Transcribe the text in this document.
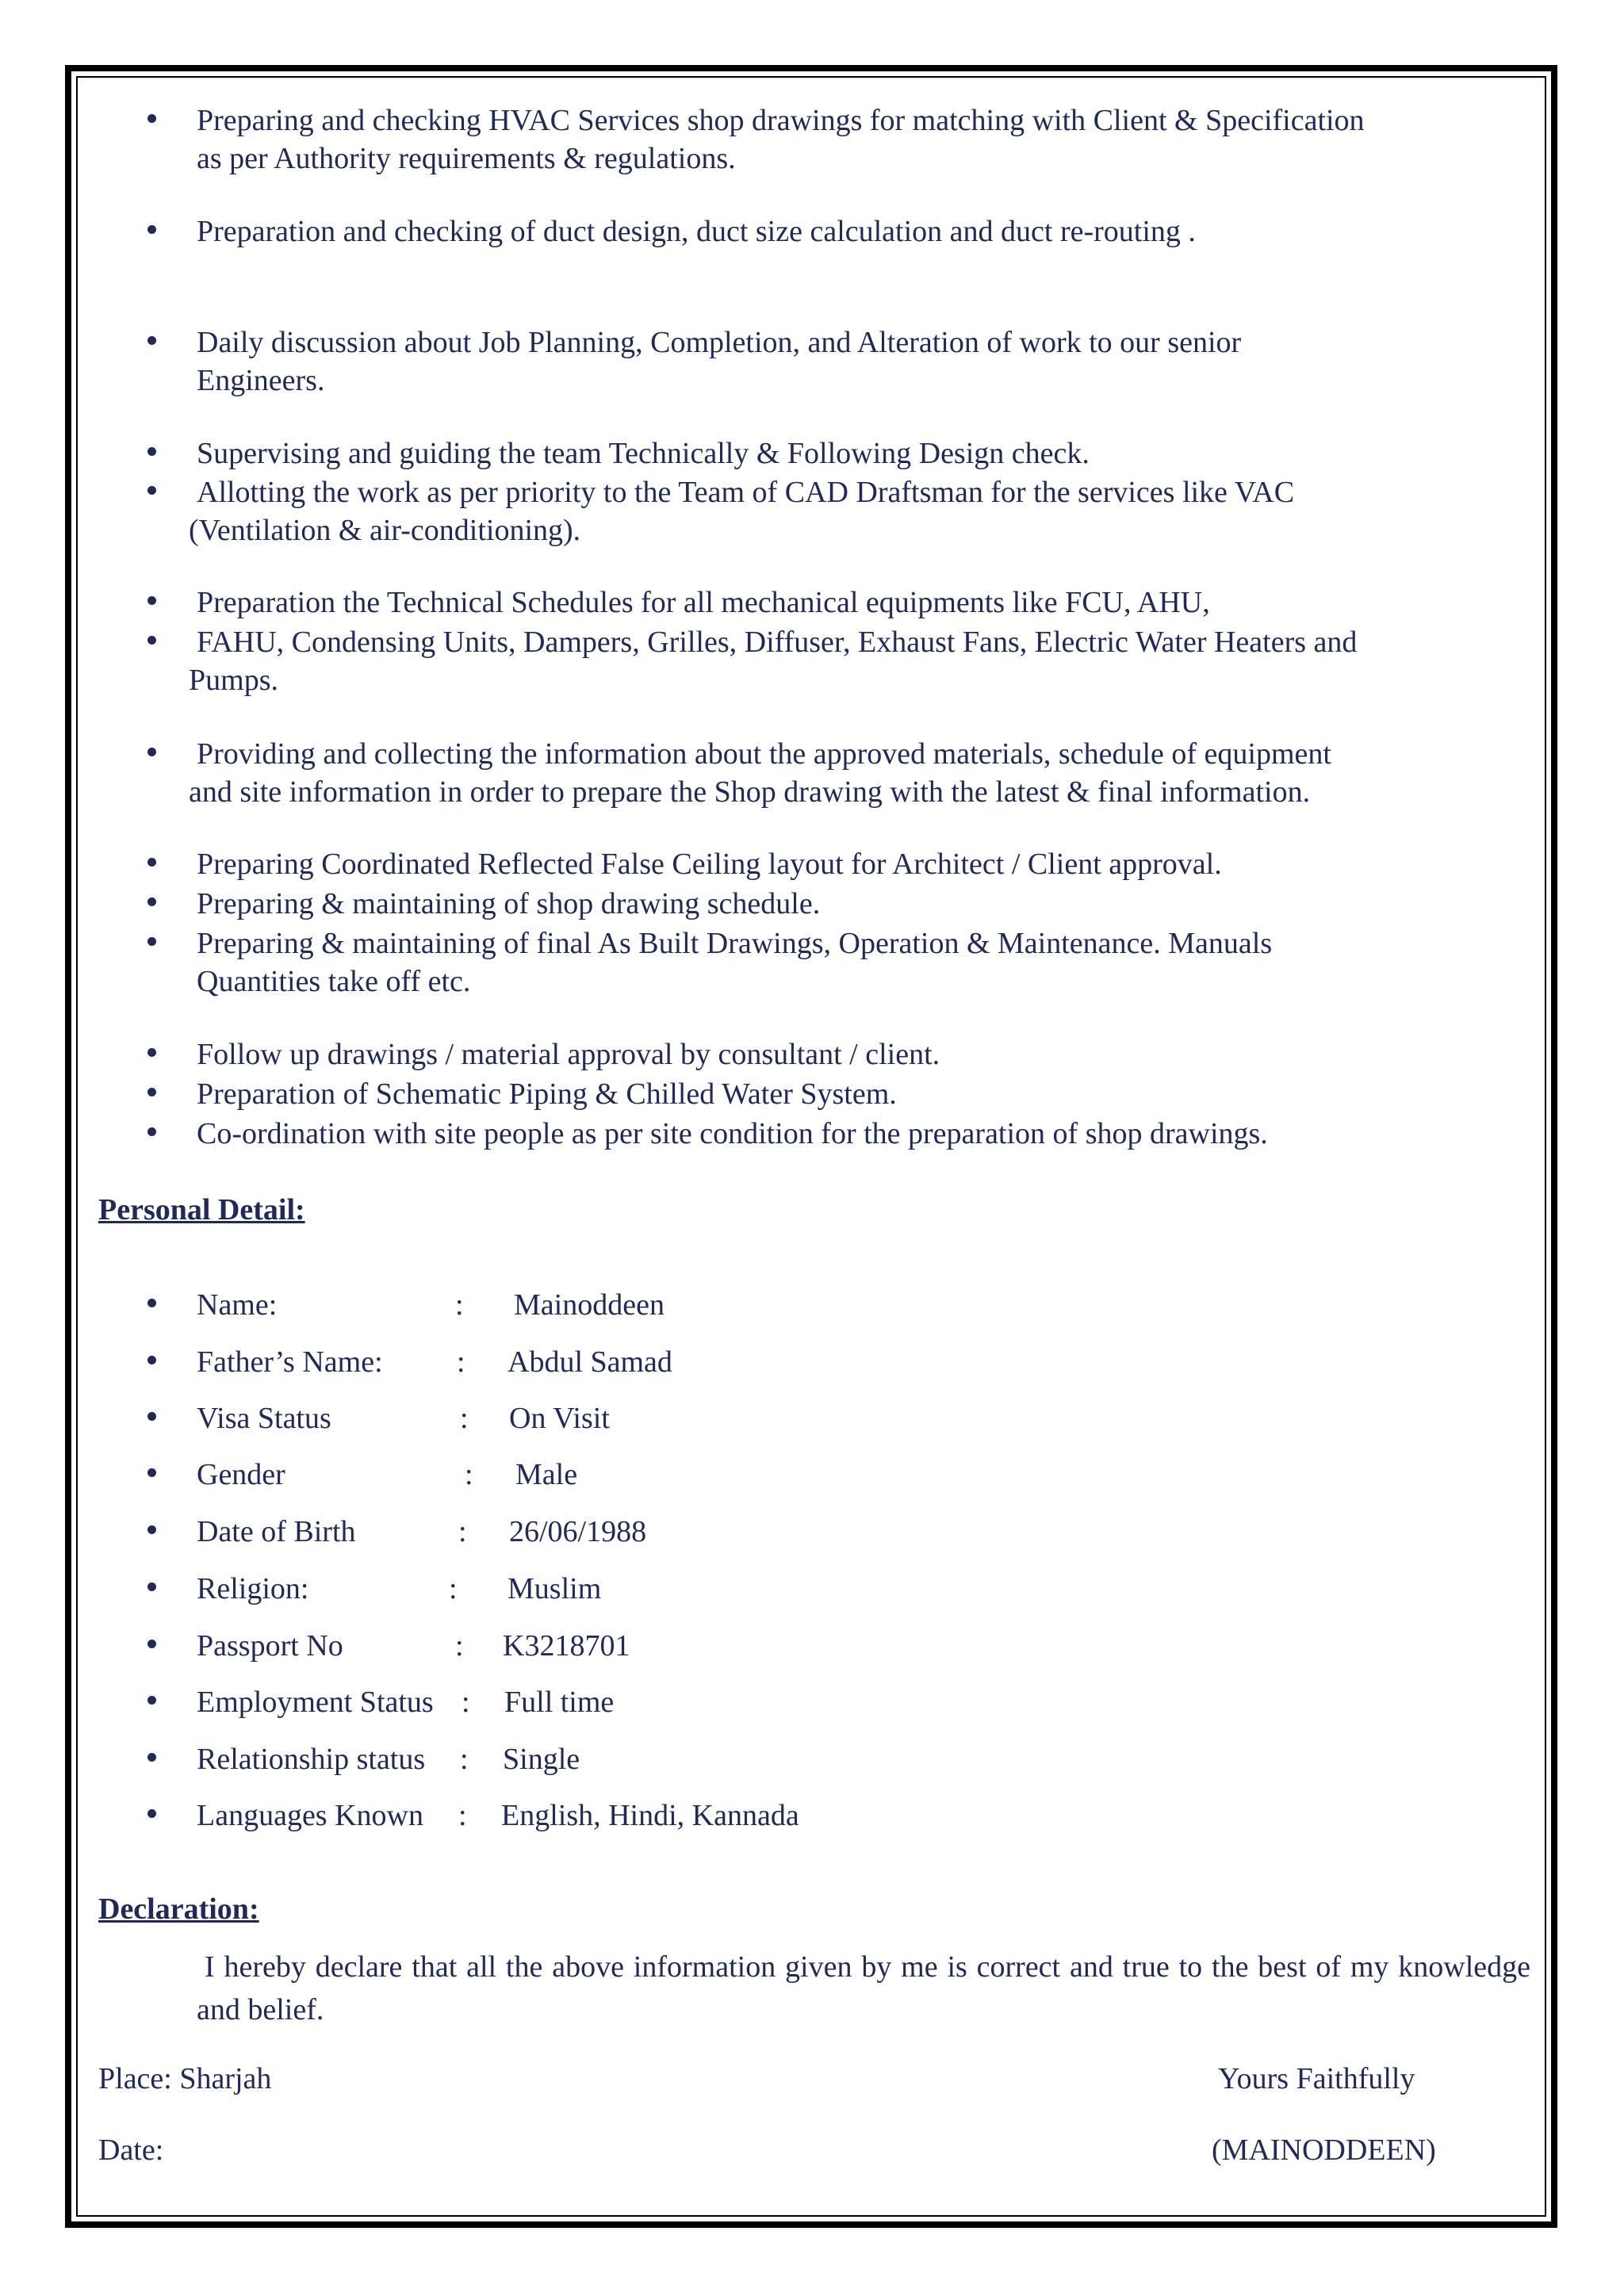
Preparing and checking HVAC Services shop drawings for matching with Client & Specification
as per Authority requirements & regulations.

Preparation and checking of duct design, duct size calculation and duct re-routing .

Daily discussion about Job Planning, Completion, and Alteration of work to our senior
Engineers.

Supervising and guiding the team Technically & Following Design check.

Allotting the work as per priority to the Team of CAD Draftsman for the services like VAC
(Ventilation & air-conditioning).

Preparation the Technical Schedules for all mechanical equipments like FCU, AHU,

FAHU, Condensing Units, Dampers, Grilles, Diffuser, Exhaust Fans, Electric Water Heaters and
Pumps.

Providing and collecting the information about the approved materials, schedule of equipment
and site information in order to prepare the Shop drawing with the latest & final information.

Preparing Coordinated Reflected False Ceiling layout for Architect / Client approval.

Preparing & maintaining of shop drawing schedule.

Preparing & maintaining of final As Built Drawings, Operation & Maintenance. Manuals
Quantities take off etc.

Follow up drawings / material approval by consultant / client.

Preparation of Schematic Piping & Chilled Water System.

Co-ordination with site people as per site condition for the preparation of shop drawings.

Personal Detail:
Name:	: Mainoddeen
Father’s Name: : Abdul Samad
Visa Status	: On Visit
Gender	: Male
Date of Birth	: 26/06/1988
Religion:	: Muslim
Passport No	: K3218701
Employment Status : Full time
Relationship status : Single
Languages Known : English, Hindi, Kannada
Declaration:

I hereby declare that all the above information given by me is correct and true to the best of my knowledge and belief.

Place: Sharjah	Yours Faithfully
Date:	(MAINODDEEN)
